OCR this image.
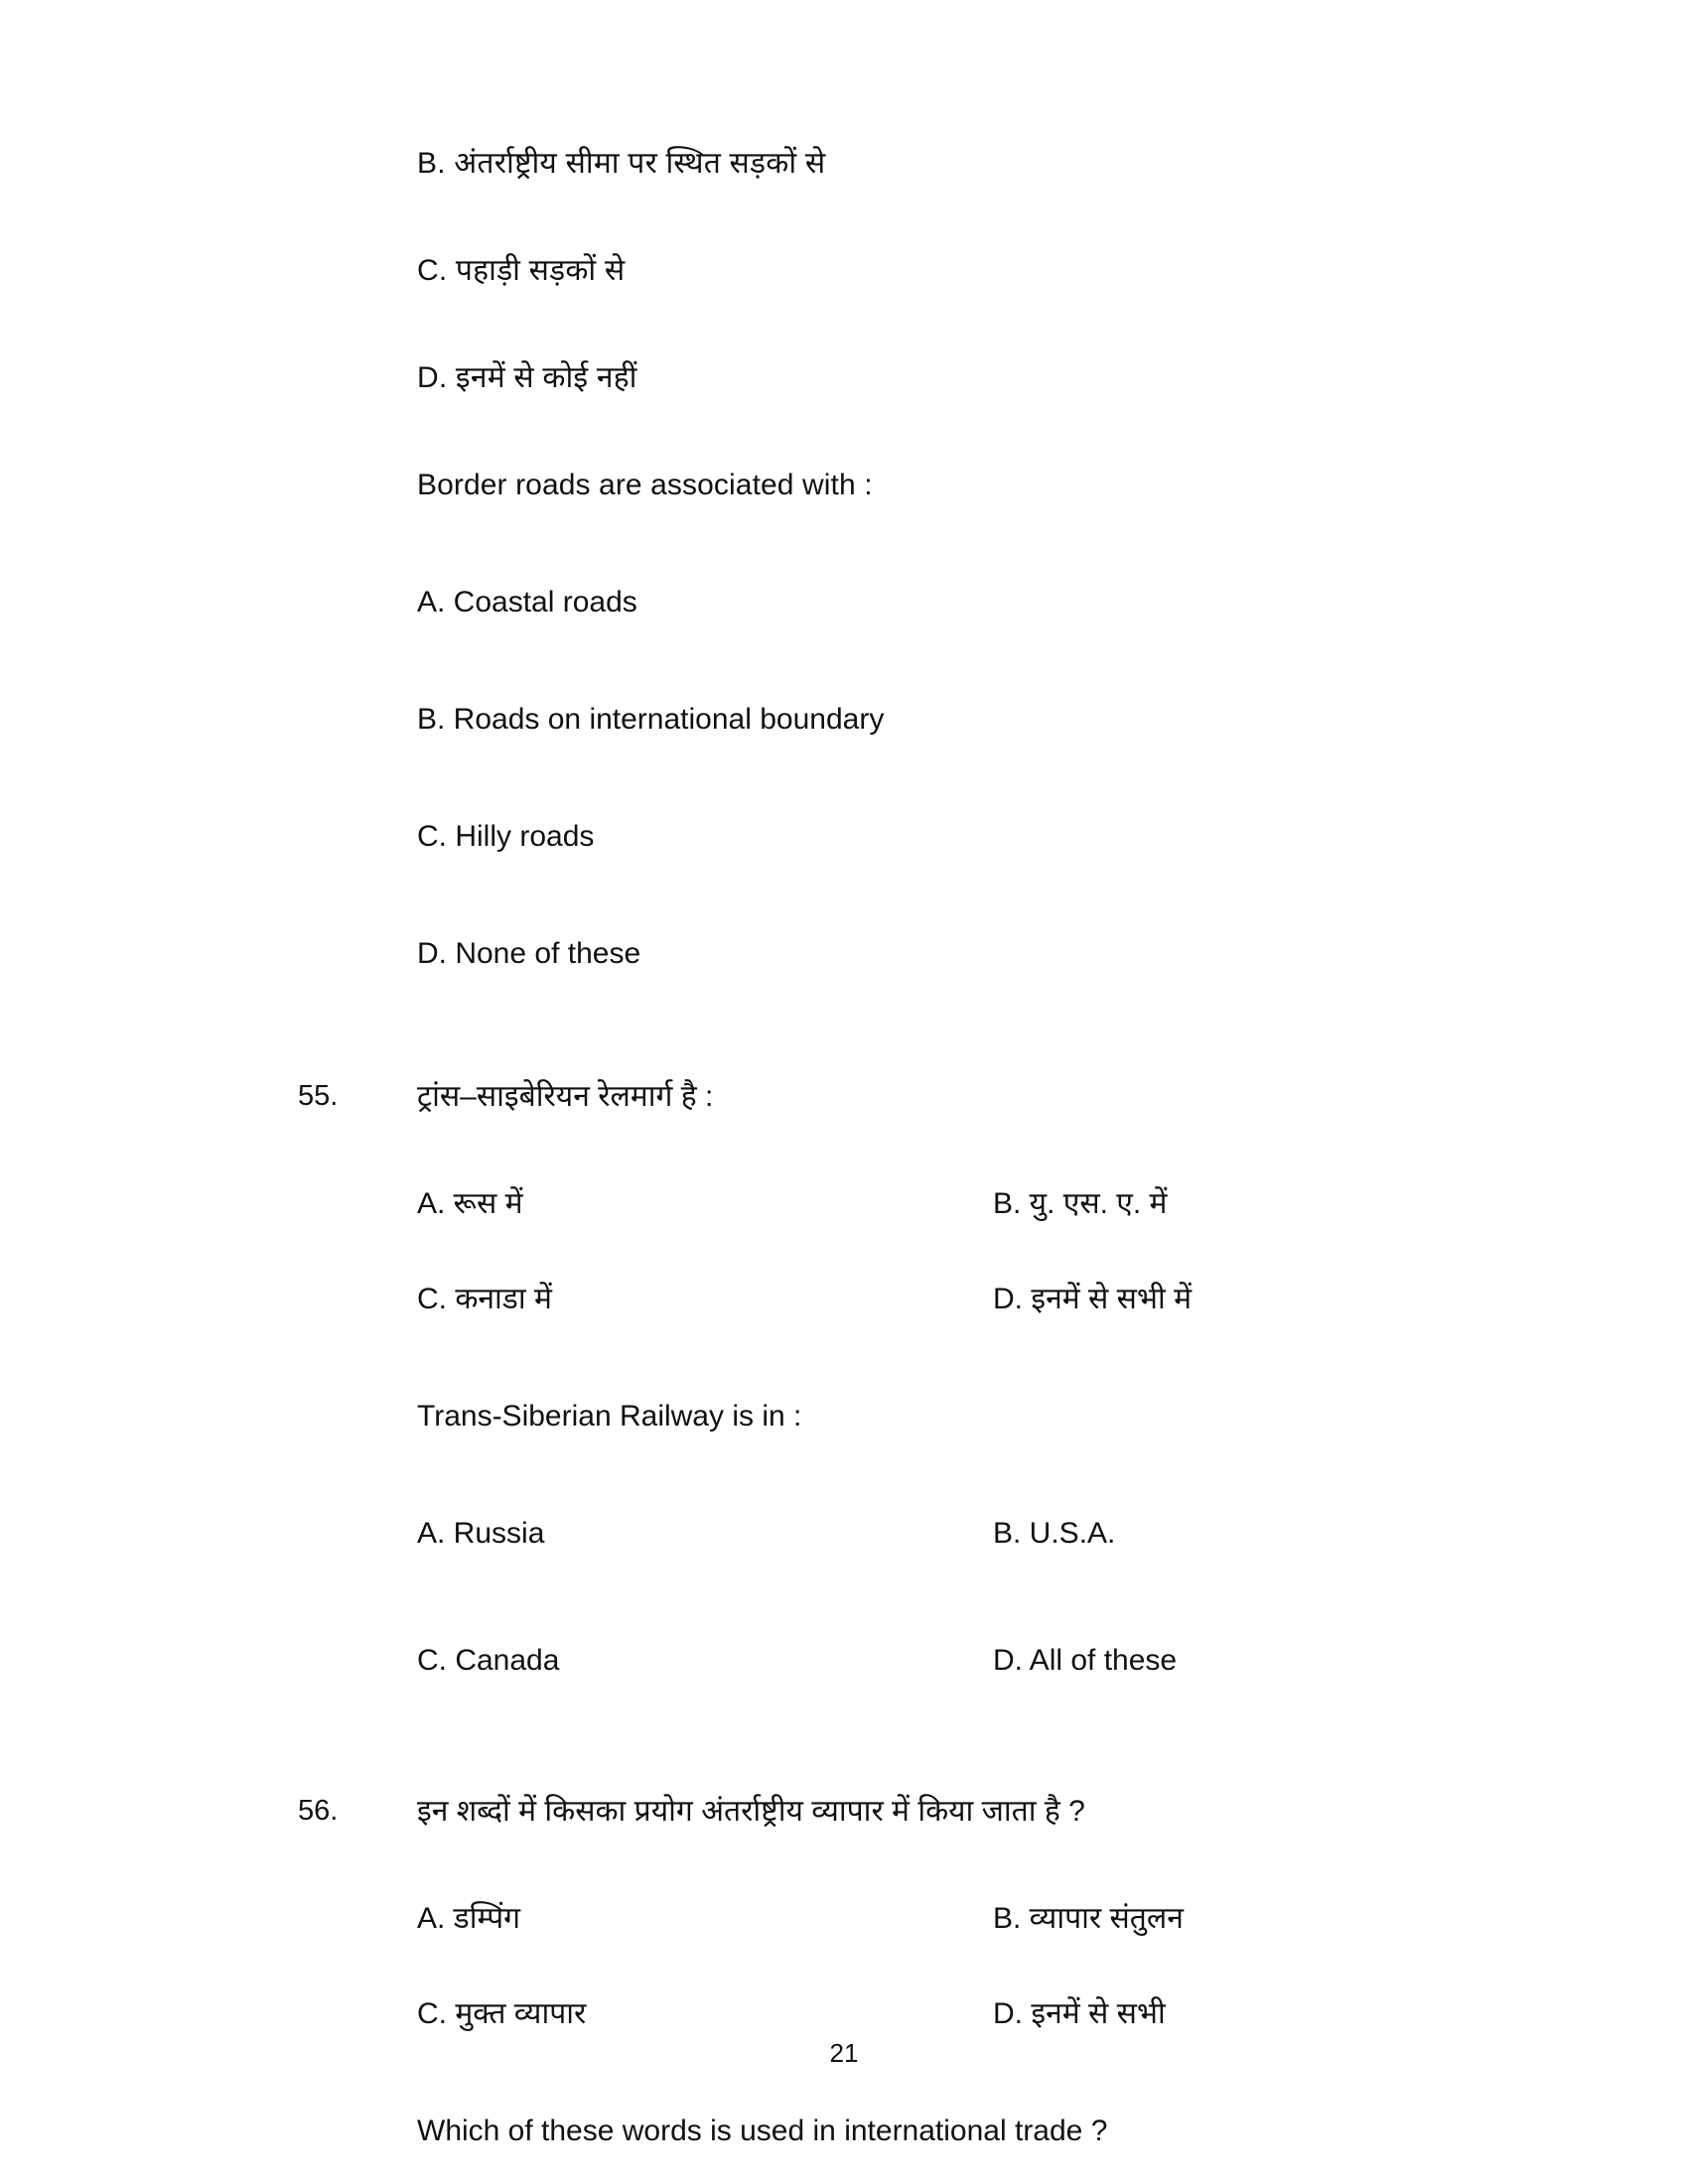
B. अंतर्राष्ट्रीय सीमा पर स्थित सड़कों से
C. पहाड़ी सड़कों से
D. इनमें से कोई नहीं
Border roads are associated with :
A. Coastal roads
B. Roads on international boundary
C. Hilly roads
D. None of these
55.	ट्रांस–साइबेरियन रेलमार्ग है :
A. रूस में	B. यु. एस. ए. में
C. कनाडा में	D. इनमें से सभी में
Trans-Siberian Railway is in :
A. Russia	B. U.S.A.
C. Canada	D. All of these
56.	इन शब्दों में किसका प्रयोग अंतर्राष्ट्रीय व्यापार में किया जाता है ?
A. डम्पिंग	B. व्यापार संतुलन
C. मुक्त व्यापार	D. इनमें से सभी
Which of these words is used in international trade ?
21
